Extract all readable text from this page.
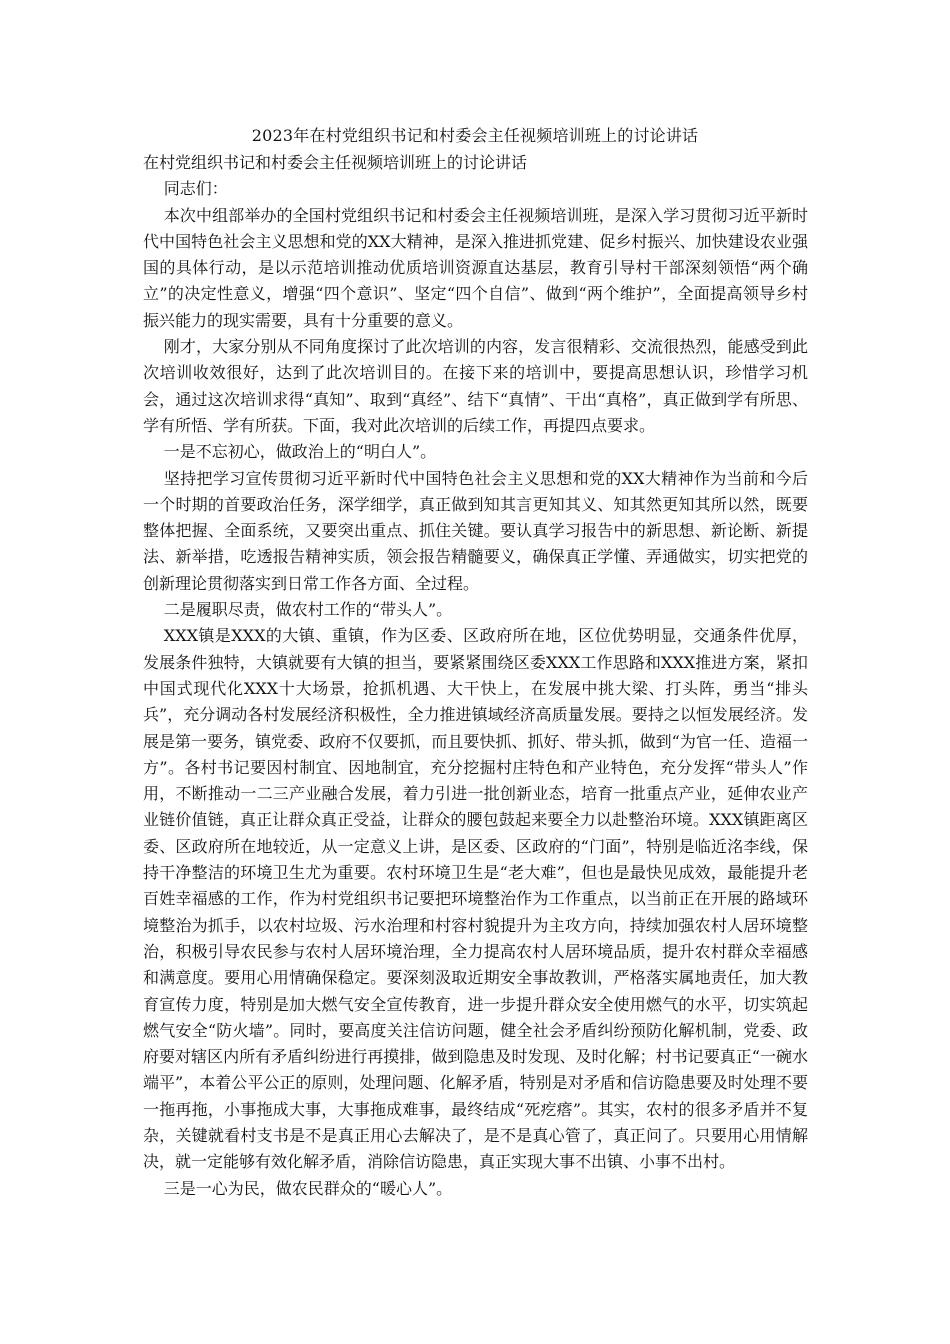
2023年在村党组织书记和村委会主任视频培训班上的讨论讲话

在村党组织书记和村委会主任视频培训班上的讨论讲话

同志们：

本次中组部举办的全国村党组织书记和村委会主任视频培训班，是深入学习贯彻习近平新时代中国特色社会主义思想和党的XX大精神，是深入推进抓党建、促乡村振兴、加快建设农业强国的具体行动，是以示范培训推动优质培训资源直达基层，教育引导村干部深刻领悟“两个确立”的决定性意义，增强“四个意识”、坚定“四个自信”、做到“两个维护”，全面提高领导乡村振兴能力的现实需要，具有十分重要的意义。

刚才，大家分别从不同角度探讨了此次培训的内容，发言很精彩、交流很热烈，能感受到此次培训收效很好，达到了此次培训目的。在接下来的培训中，要提高思想认识，珍惜学习机会，通过这次培训求得“真知”、取到“真经”、结下“真情”、干出“真格”，真正做到学有所思、学有所悟、学有所获。下面，我对此次培训的后续工作，再提四点要求。

一是不忘初心，做政治上的“明白人”。

坚持把学习宣传贯彻习近平新时代中国特色社会主义思想和党的XX大精神作为当前和今后一个时期的首要政治任务，深学细学，真正做到知其言更知其义、知其然更知其所以然，既要整体把握、全面系统，又要突出重点、抓住关键。要认真学习报告中的新思想、新论断、新提法、新举措，吃透报告精神实质，领会报告精髓要义，确保真正学懂、弄通做实，切实把党的创新理论贯彻落实到日常工作各方面、全过程。

二是履职尽责，做农村工作的“带头人”。

XXX镇是XXX的大镇、重镇，作为区委、区政府所在地，区位优势明显，交通条件优厚，发展条件独特，大镇就要有大镇的担当，要紧紧围绕区委XXX工作思路和XXX推进方案，紧扣中国式现代化XXX十大场景，抢抓机遇、大干快上，在发展中挑大梁、打头阵，勇当“排头兵”，充分调动各村发展经济积极性，全力推进镇域经济高质量发展。要持之以恒发展经济。发展是第一要务，镇党委、政府不仅要抓，而且要快抓、抓好、带头抓，做到“为官一任、造福一方”。各村书记要因村制宜、因地制宜，充分挖掘村庄特色和产业特色，充分发挥“带头人”作用，不断推动一二三产业融合发展，着力引进一批创新业态，培育一批重点产业，延伸农业产业链价值链，真正让群众真正受益，让群众的腰包鼓起来要全力以赴整治环境。XXX镇距离区委、区政府所在地较近，从一定意义上讲，是区委、区政府的“门面”，特别是临近洺李线，保持干净整洁的环境卫生尤为重要。农村环境卫生是“老大难”，但也是最快见成效，最能提升老百姓幸福感的工作，作为村党组织书记要把环境整治作为工作重点，以当前正在开展的路域环境整治为抓手，以农村垃圾、污水治理和村容村貌提升为主攻方向，持续加强农村人居环境整治，积极引导农民参与农村人居环境治理，全力提高农村人居环境品质，提升农村群众幸福感和满意度。要用心用情确保稳定。要深刻汲取近期安全事故教训，严格落实属地责任，加大教育宣传力度，特别是加大燃气安全宣传教育，进一步提升群众安全使用燃气的水平，切实筑起燃气安全“防火墙”。同时，要高度关注信访问题，健全社会矛盾纠纷预防化解机制，党委、政府要对辖区内所有矛盾纠纷进行再摸排，做到隐患及时发现、及时化解；村书记要真正“一碗水端平”，本着公平公正的原则，处理问题、化解矛盾，特别是对矛盾和信访隐患要及时处理不要一拖再拖，小事拖成大事，大事拖成难事，最终结成“死疙瘩”。其实，农村的很多矛盾并不复杂，关键就看村支书是不是真正用心去解决了，是不是真心管了，真正问了。只要用心用情解决，就一定能够有效化解矛盾，消除信访隐患，真正实现大事不出镇、小事不出村。

三是一心为民，做农民群众的“暖心人”。
